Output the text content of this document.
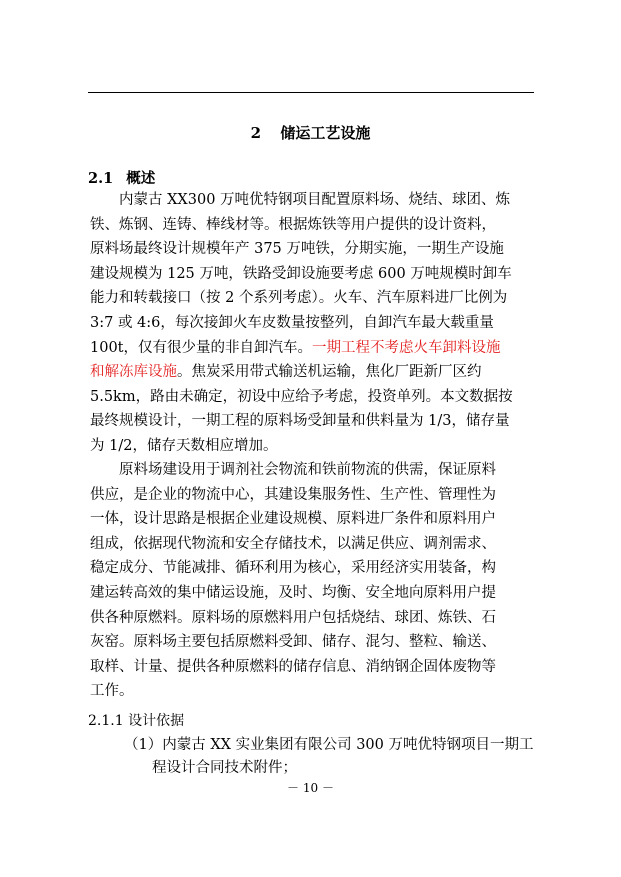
2 储运工艺设施
2.1 概述
　　内蒙古 XX300 万吨优特钢项目配置原料场、烧结、球团、炼
铁、炼钢、连铸、棒线材等。根据炼铁等用户提供的设计资料，
原料场最终设计规模年产 375 万吨铁，分期实施，一期生产设施
建设规模为 125 万吨，铁路受卸设施要考虑 600 万吨规模时卸车
能力和转载接口（按 2 个系列考虑）。火车、汽车原料进厂比例为
3:7 或 4:6，每次接卸火车皮数量按整列，自卸汽车最大载重量
100t，仅有很少量的非自卸汽车。一期工程不考虑火车卸料设施
和解冻库设施。焦炭采用带式输送机运输，焦化厂距新厂区约
5.5km，路由未确定，初设中应给予考虑，投资单列。本文数据按
最终规模设计，一期工程的原料场受卸量和供料量为 1/3，储存量
为 1/2，储存天数相应增加。
　　原料场建设用于调剂社会物流和铁前物流的供需，保证原料
供应，是企业的物流中心，其建设集服务性、生产性、管理性为
一体，设计思路是根据企业建设规模、原料进厂条件和原料用户
组成，依据现代物流和安全存储技术，以满足供应、调剂需求、
稳定成分、节能减排、循环利用为核心，采用经济实用装备，构
建运转高效的集中储运设施，及时、均衡、安全地向原料用户提
供各种原燃料。原料场的原燃料用户包括烧结、球团、炼铁、石
灰窑。原料场主要包括原燃料受卸、储存、混匀、整粒、输送、
取样、计量、提供各种原燃料的储存信息、消纳钢企固体废物等
工作。
2.1.1 设计依据
（1）内蒙古 XX 实业集团有限公司 300 万吨优特钢项目一期工
程设计合同技术附件；
－ 10 －
